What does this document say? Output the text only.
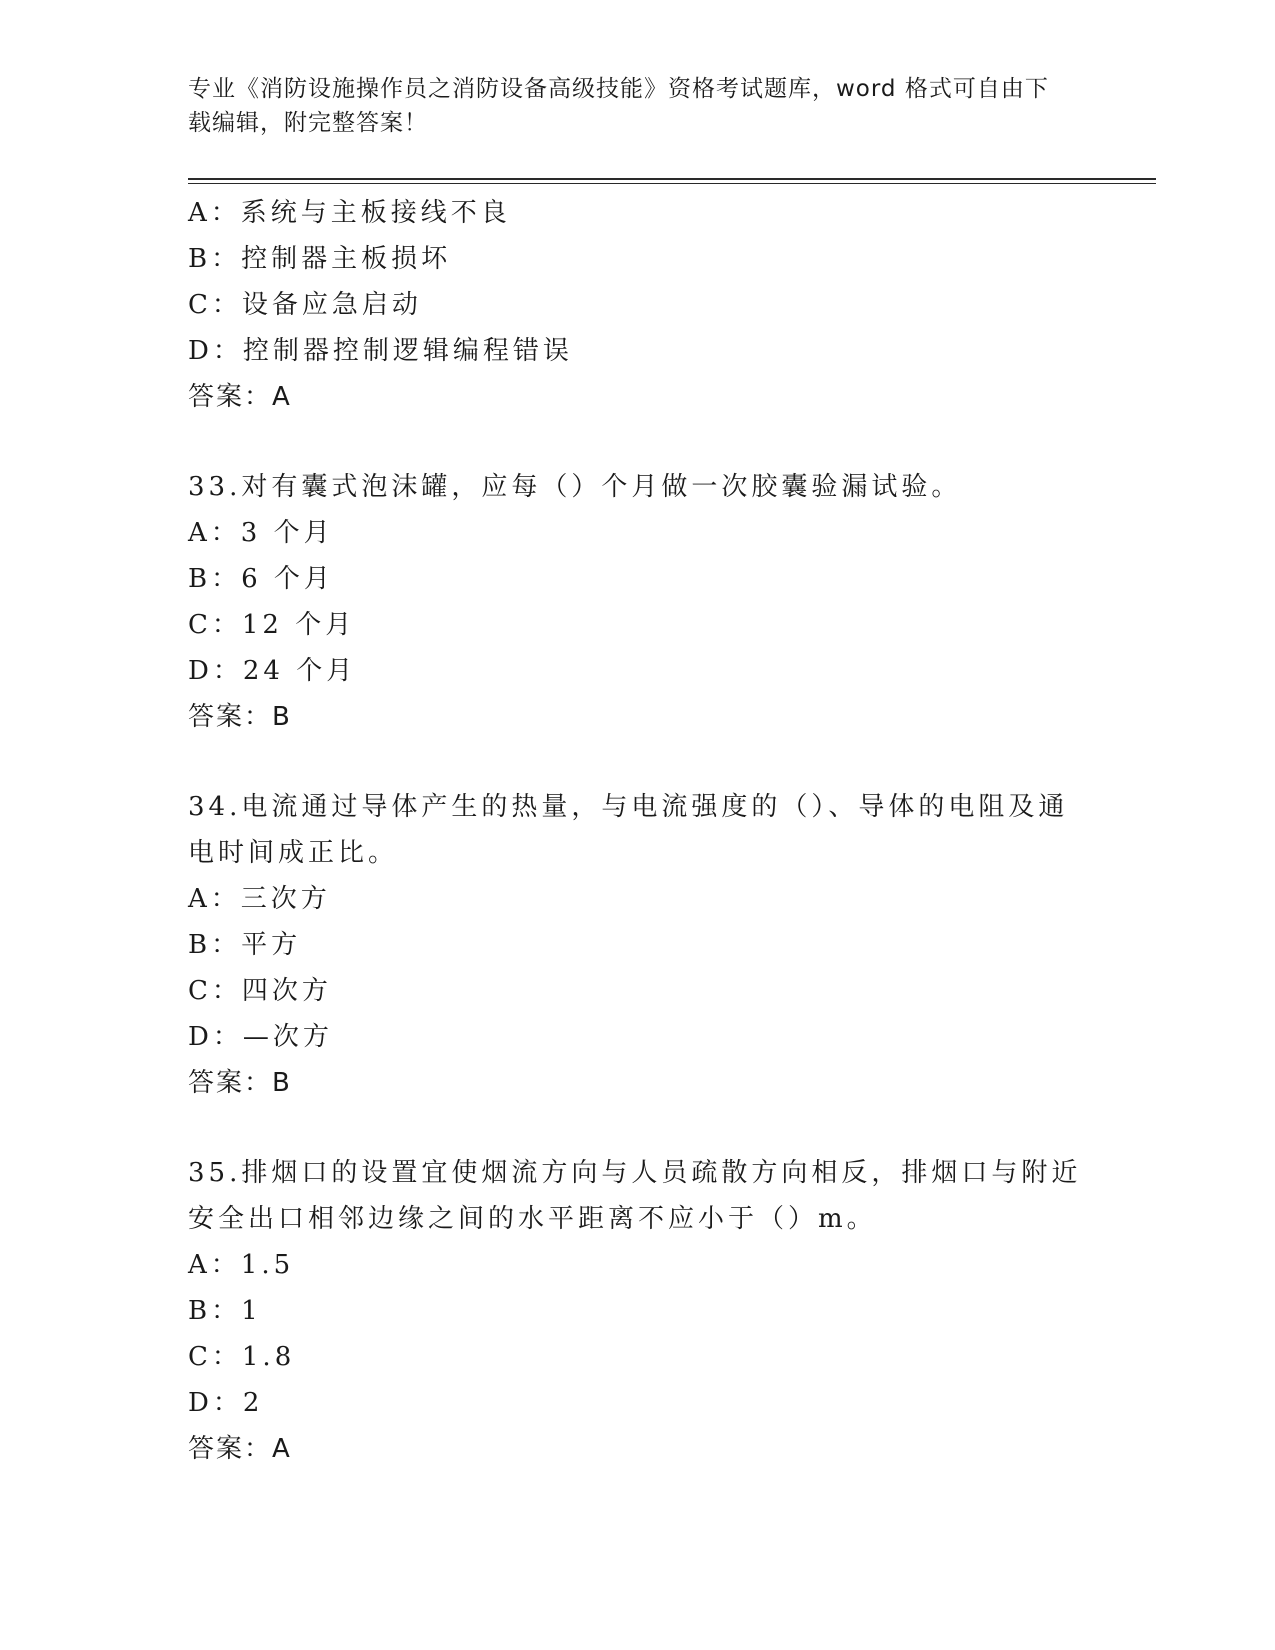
专业《消防设施操作员之消防设备高级技能》资格考试题库，word 格式可自由下载编辑，附完整答案！
A：系统与主板接线不良
B：控制器主板损坏
C：设备应急启动
D：控制器控制逻辑编程错误
答案：A
33.对有囊式泡沫罐，应每（）个月做一次胶囊验漏试验。
A：3 个月
B：6 个月
C：12 个月
D：24 个月
答案：B
34.电流通过导体产生的热量，与电流强度的（）、导体的电阻及通电时间成正比。
A：三次方
B：平方
C：四次方
D：—次方
答案：B
35.排烟口的设置宜使烟流方向与人员疏散方向相反，排烟口与附近安全出口相邻边缘之间的水平距离不应小于（）m。
A：1.5
B：1
C：1.8
D：2
答案：A
